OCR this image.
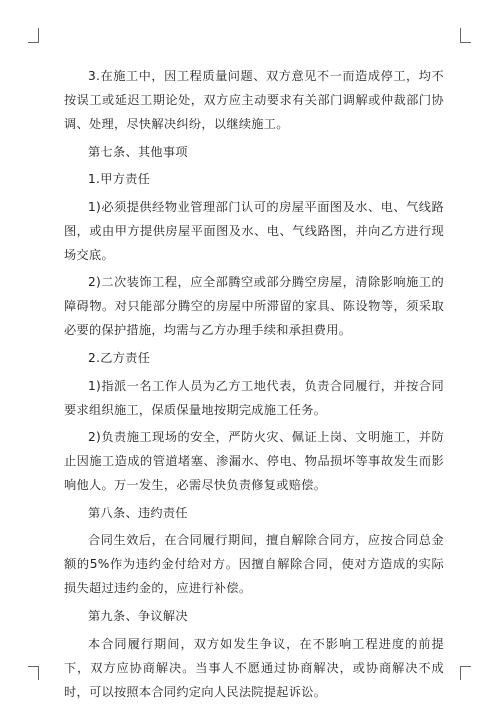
3.在施工中，因工程质量问题、双方意见不一而造成停工，均不按误工或延迟工期论处，双方应主动要求有关部门调解或仲裁部门协调、处理，尽快解决纠纷，以继续施工。

第七条、其他事项

1.甲方责任

1)必须提供经物业管理部门认可的房屋平面图及水、电、气线路图，或由甲方提供房屋平面图及水、电、气线路图，并向乙方进行现场交底。

2)二次装饰工程，应全部腾空或部分腾空房屋，清除影响施工的障碍物。对只能部分腾空的房屋中所滞留的家具、陈设物等，须采取必要的保护措施，均需与乙方办理手续和承担费用。

2.乙方责任

1)指派一名工作人员为乙方工地代表，负责合同履行，并按合同要求组织施工，保质保量地按期完成施工任务。

2)负责施工现场的安全，严防火灾、佩证上岗、文明施工，并防止因施工造成的管道堵塞、渗漏水、停电、物品损坏等事故发生而影响他人。万一发生，必需尽快负责修复或赔偿。

第八条、违约责任

合同生效后，在合同履行期间，擅自解除合同方，应按合同总金额的5%作为违约金付给对方。因擅自解除合同，使对方造成的实际损失超过违约金的，应进行补偿。

第九条、争议解决

本合同履行期间，双方如发生争议，在不影响工程进度的前提下，双方应协商解决。当事人不愿通过协商解决，或协商解决不成时，可以按照本合同约定向人民法院提起诉讼。
